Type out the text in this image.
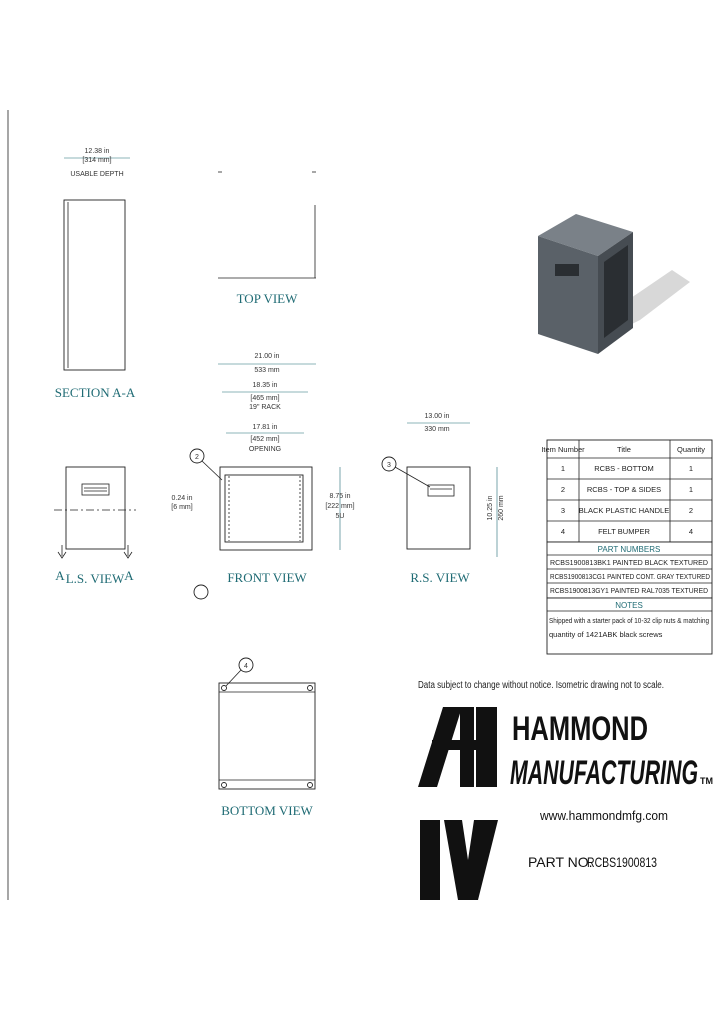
12.38 in
[314 mm]
USABLE DEPTH
SECTION A-A
TOP VIEW
21.00 in
533 mm
18.35 in
[465 mm]
19" RACK
17.81 in
[452 mm]
OPENING
2
0.24 in
[6 mm]
8.75 in
[222 mm]
5U
FRONT VIEW
A	A
L.S. VIEW
13.00 in
330 mm
3
10.25 in 260 mm
R.S. VIEW
4
BOTTOM VIEW
Item Number	Title	Quantity
1	RCBS - BOTTOM	1
2	RCBS - TOP & SIDES	1
3 BLACK PLASTIC HANDLE	2
4	FELT BUMPER	4
PART NUMBERS
RCBS1900813BK1 PAINTED BLACK TEXTURED
RCBS1900813CG1 PAINTED CONT. GRAY TEXTURED
RCBS1900813GY1 PAINTED RAL7035 TEXTURED
NOTES
Shipped with a starter pack of 10-32 clip nuts & matching
quantity of 1421ABK black screws
Data subject to change without notice. Isometric drawing not to scale.
HAMMOND
MANUFACTURING TM
www.hammondmfg.com
PART NO.
RCBS1900813
